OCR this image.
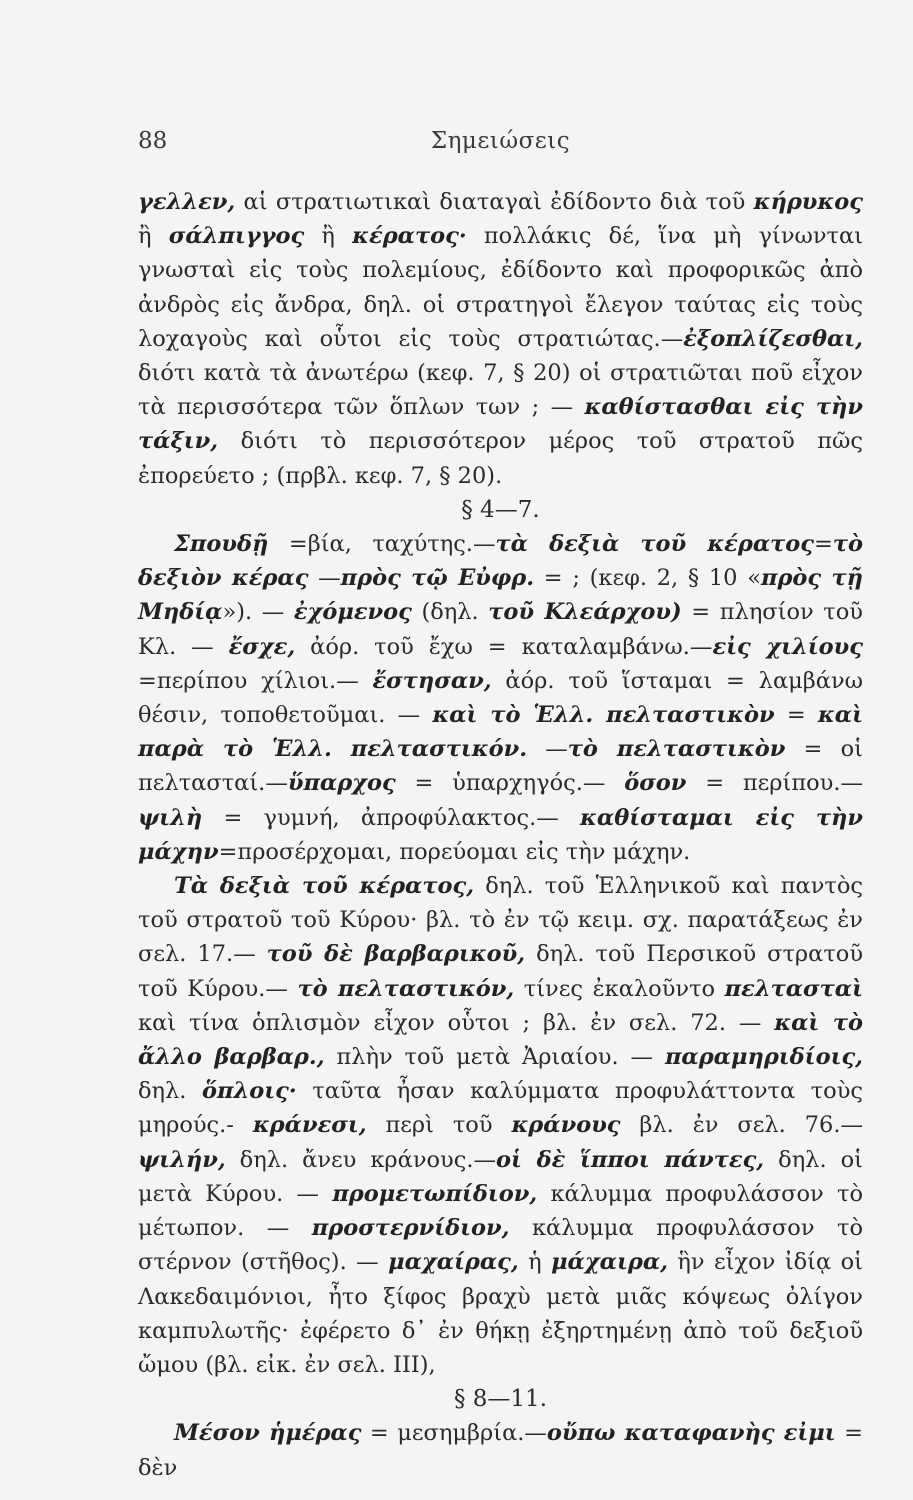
88	Σημειώσεις

γελλεν, αἱ στρατιωτικαὶ διαταγαὶ ἐδίδοντο διὰ τοῦ κήρυκος ἢ σάλπιγγος ἢ κέρατος· πολλάκις δέ, ἵνα μὴ γίνωνται γνωσταὶ εἰς τοὺς πολεμίους, ἐδίδοντο καὶ προφορικῶς ἀπὸ ἀνδρὸς εἰς ἄνδρα, δηλ. οἱ στρατηγοὶ ἔλεγον ταύτας εἰς τοὺς λοχαγοὺς καὶ οὗτοι εἰς τοὺς στρατιώτας.—ἐξοπλίζεσθαι, διότι κατὰ τὰ ἀνωτέρω (κεφ. 7, § 20) οἱ στρατιῶται ποῦ εἶχον τὰ περισσότερα τῶν ὅπλων των ; — καθίστασθαι εἰς τὴν τάξιν, διότι τὸ περισσότερον μέρος τοῦ στρατοῦ πῶς ἐπορεύετο ; (πρβλ. κεφ. 7, § 20).

§ 4—7.

Σπουδῇ =βία, ταχύτης.—τὰ δεξιὰ τοῦ κέρατος=τὸ δεξιὸν κέρας —πρὸς τῷ Εὐφρ. = ; (κεφ. 2, § 10 «πρὸς τῇ Μηδίᾳ»). — ἐχόμενος (δηλ. τοῦ Κλεάρχου) = πλησίον τοῦ Κλ. — ἔσχε, ἀόρ. τοῦ ἔχω = καταλαμβάνω.—εἰς χιλίους =περίπου χίλιοι.— ἔστησαν, ἀόρ. τοῦ ἵσταμαι = λαμβάνω θέσιν, τοποθετοῦμαι. — καὶ τὸ Ἑλλ. πελταστικὸν = καὶ παρὰ τὸ Ἑλλ. πελταστικόν. —τὸ πελταστικὸν = οἱ πελτασταί.—ὕπαρχος = ὑπαρχηγός.— ὅσον = περίπου.— ψιλὴ = γυμνή, ἀπροφύλακτος.— καθίσταμαι εἰς τὴν μάχην=προσέρχομαι, πορεύομαι εἰς τὴν μάχην.

Τὰ δεξιὰ τοῦ κέρατος, δηλ. τοῦ Ἑλληνικοῦ καὶ παντὸς τοῦ στρατοῦ τοῦ Κύρου· βλ. τὸ ἐν τῷ κειμ. σχ. παρατάξεως ἐν σελ. 17.— τοῦ δὲ βαρβαρικοῦ, δηλ. τοῦ Περσικοῦ στρατοῦ τοῦ Κύρου.— τὸ πελταστικόν, τίνες ἐκαλοῦντο πελτασταὶ καὶ τίνα ὁπλισμὸν εἶχον οὗτοι ; βλ. ἐν σελ. 72. — καὶ τὸ ἄλλο βαρβαρ., πλὴν τοῦ μετὰ Ἀριαίου. — παραμηριδίοις, δηλ. ὅπλοις· ταῦτα ἦσαν καλύμματα προφυλάττοντα τοὺς μηρούς.- κράνεσι, περὶ τοῦ κράνους βλ. ἐν σελ. 76.— ψιλήν, δηλ. ἄνευ κράνους.—οἱ δὲ ἵπποι πάντες, δηλ. οἱ μετὰ Κύρου. — προμετωπίδιον, κάλυμμα προφυλάσσον τὸ μέτωπον. — προστερνίδιον, κάλυμμα προφυλάσσον τὸ στέρνον (στῆθος). — μαχαίρας, ἡ μάχαιρα, ἣν εἶχον ἰδίᾳ οἱ Λακεδαιμόνιοι, ἦτο ξίφος βραχὺ μετὰ μιᾶς κόψεως ὀλίγον καμπυλωτῆς· ἐφέρετο δ᾽ ἐν θήκῃ ἐξηρτημένῃ ἀπὸ τοῦ δεξιοῦ ὤμου (βλ. εἰκ. ἐν σελ. III),

§ 8—11.

Μέσον ἡμέρας = μεσημβρία.—οὔπω καταφανὴς εἰμι = δὲν
